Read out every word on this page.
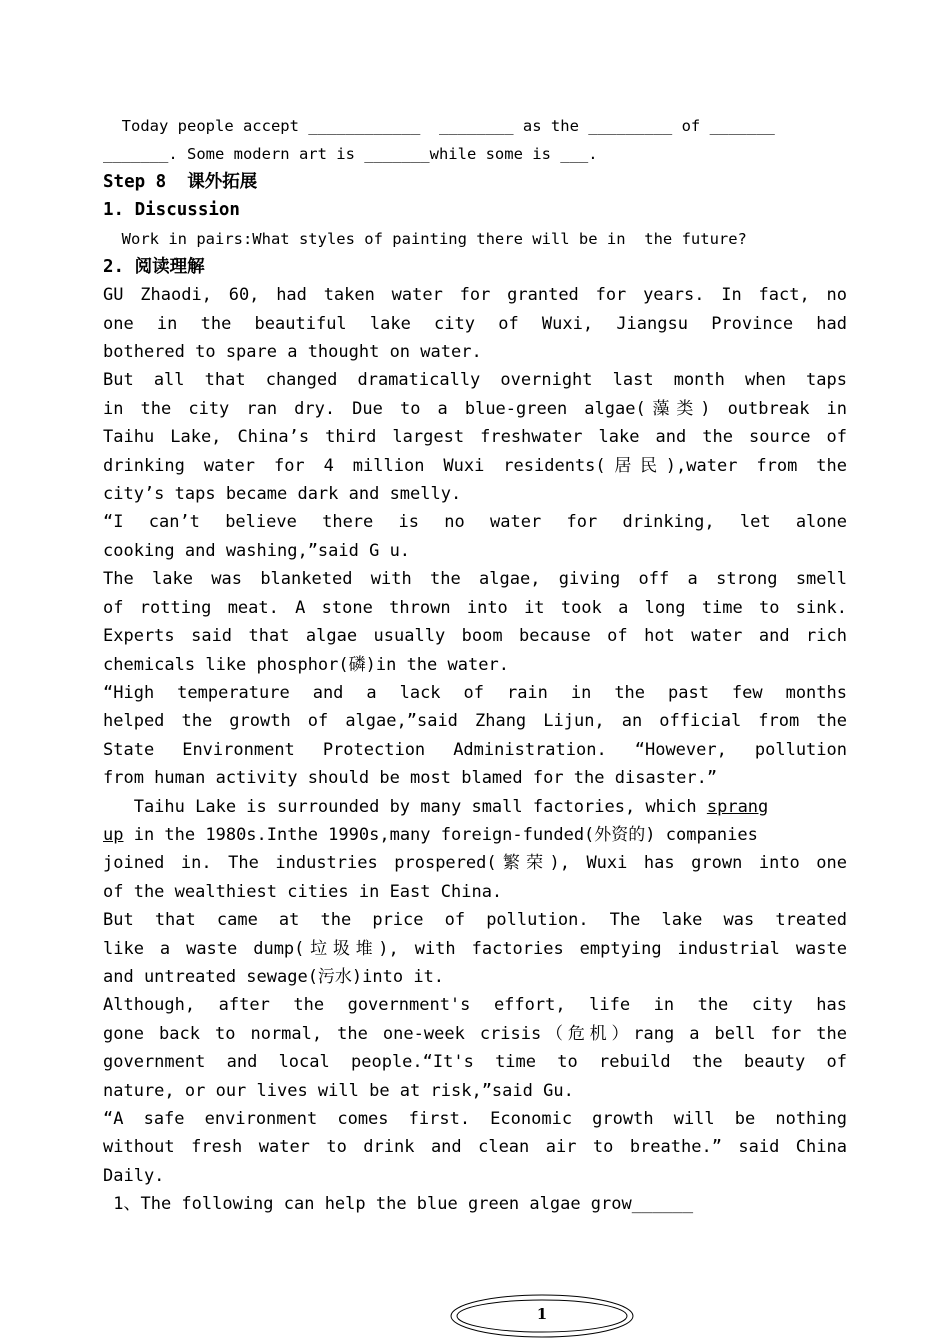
Today people accept ____________  ________ as the _________ of _______
_______. Some modern art is _______while some is ___.
Step 8  课外拓展
1. Discussion
Work in pairs:What styles of painting there will be in  the future?
2. 阅读理解
GU Zhaodi, 60, had taken water for granted for years. In fact, no
one in the beautiful lake city of Wuxi, Jiangsu Province had
bothered to spare a thought on water.
But all that changed dramatically overnight last month when taps
in the city ran dry. Due to a blue-green algae(藻类) outbreak in
Taihu Lake, China’s third largest freshwater lake and the source of
drinking water for 4 million Wuxi residents(居民),water from the
city’s taps became dark and smelly.
“I can’t believe there is no water for drinking, let alone
cooking and washing,”said G u.
The lake was blanketed with the algae, giving off a strong smell
of rotting meat. A stone thrown into it took a long time to sink.
Experts said that algae usually boom because of hot water and rich
chemicals like phosphor(磷)in the water.
“High temperature and a lack of rain in the past few months
helped the growth of algae,”said Zhang Lijun, an official from the
State Environment Protection Administration. “However, pollution
from human activity should be most blamed for the disaster.”
Taihu Lake is surrounded by many small factories, which sprang
up in the 1980s.Inthe 1990s,many foreign-funded(外资的) companies
joined in. The industries prospered(繁荣), Wuxi has grown into one
of the wealthiest cities in East China.
But that came at the price of pollution. The lake was treated
like a waste dump(垃圾堆), with factories emptying industrial waste
and untreated sewage(污水)into it.
Although, after the government's effort, life in the city has
gone back to normal, the one-week crisis（危机）rang a bell for the
government and local people.“It's time to rebuild the beauty of
nature, or our lives will be at risk,”said Gu.
“A safe environment comes first. Economic growth will be nothing
without fresh water to drink and clean air to breathe.” said China
Daily.
1、The following can help the blue green algae grow______
1
